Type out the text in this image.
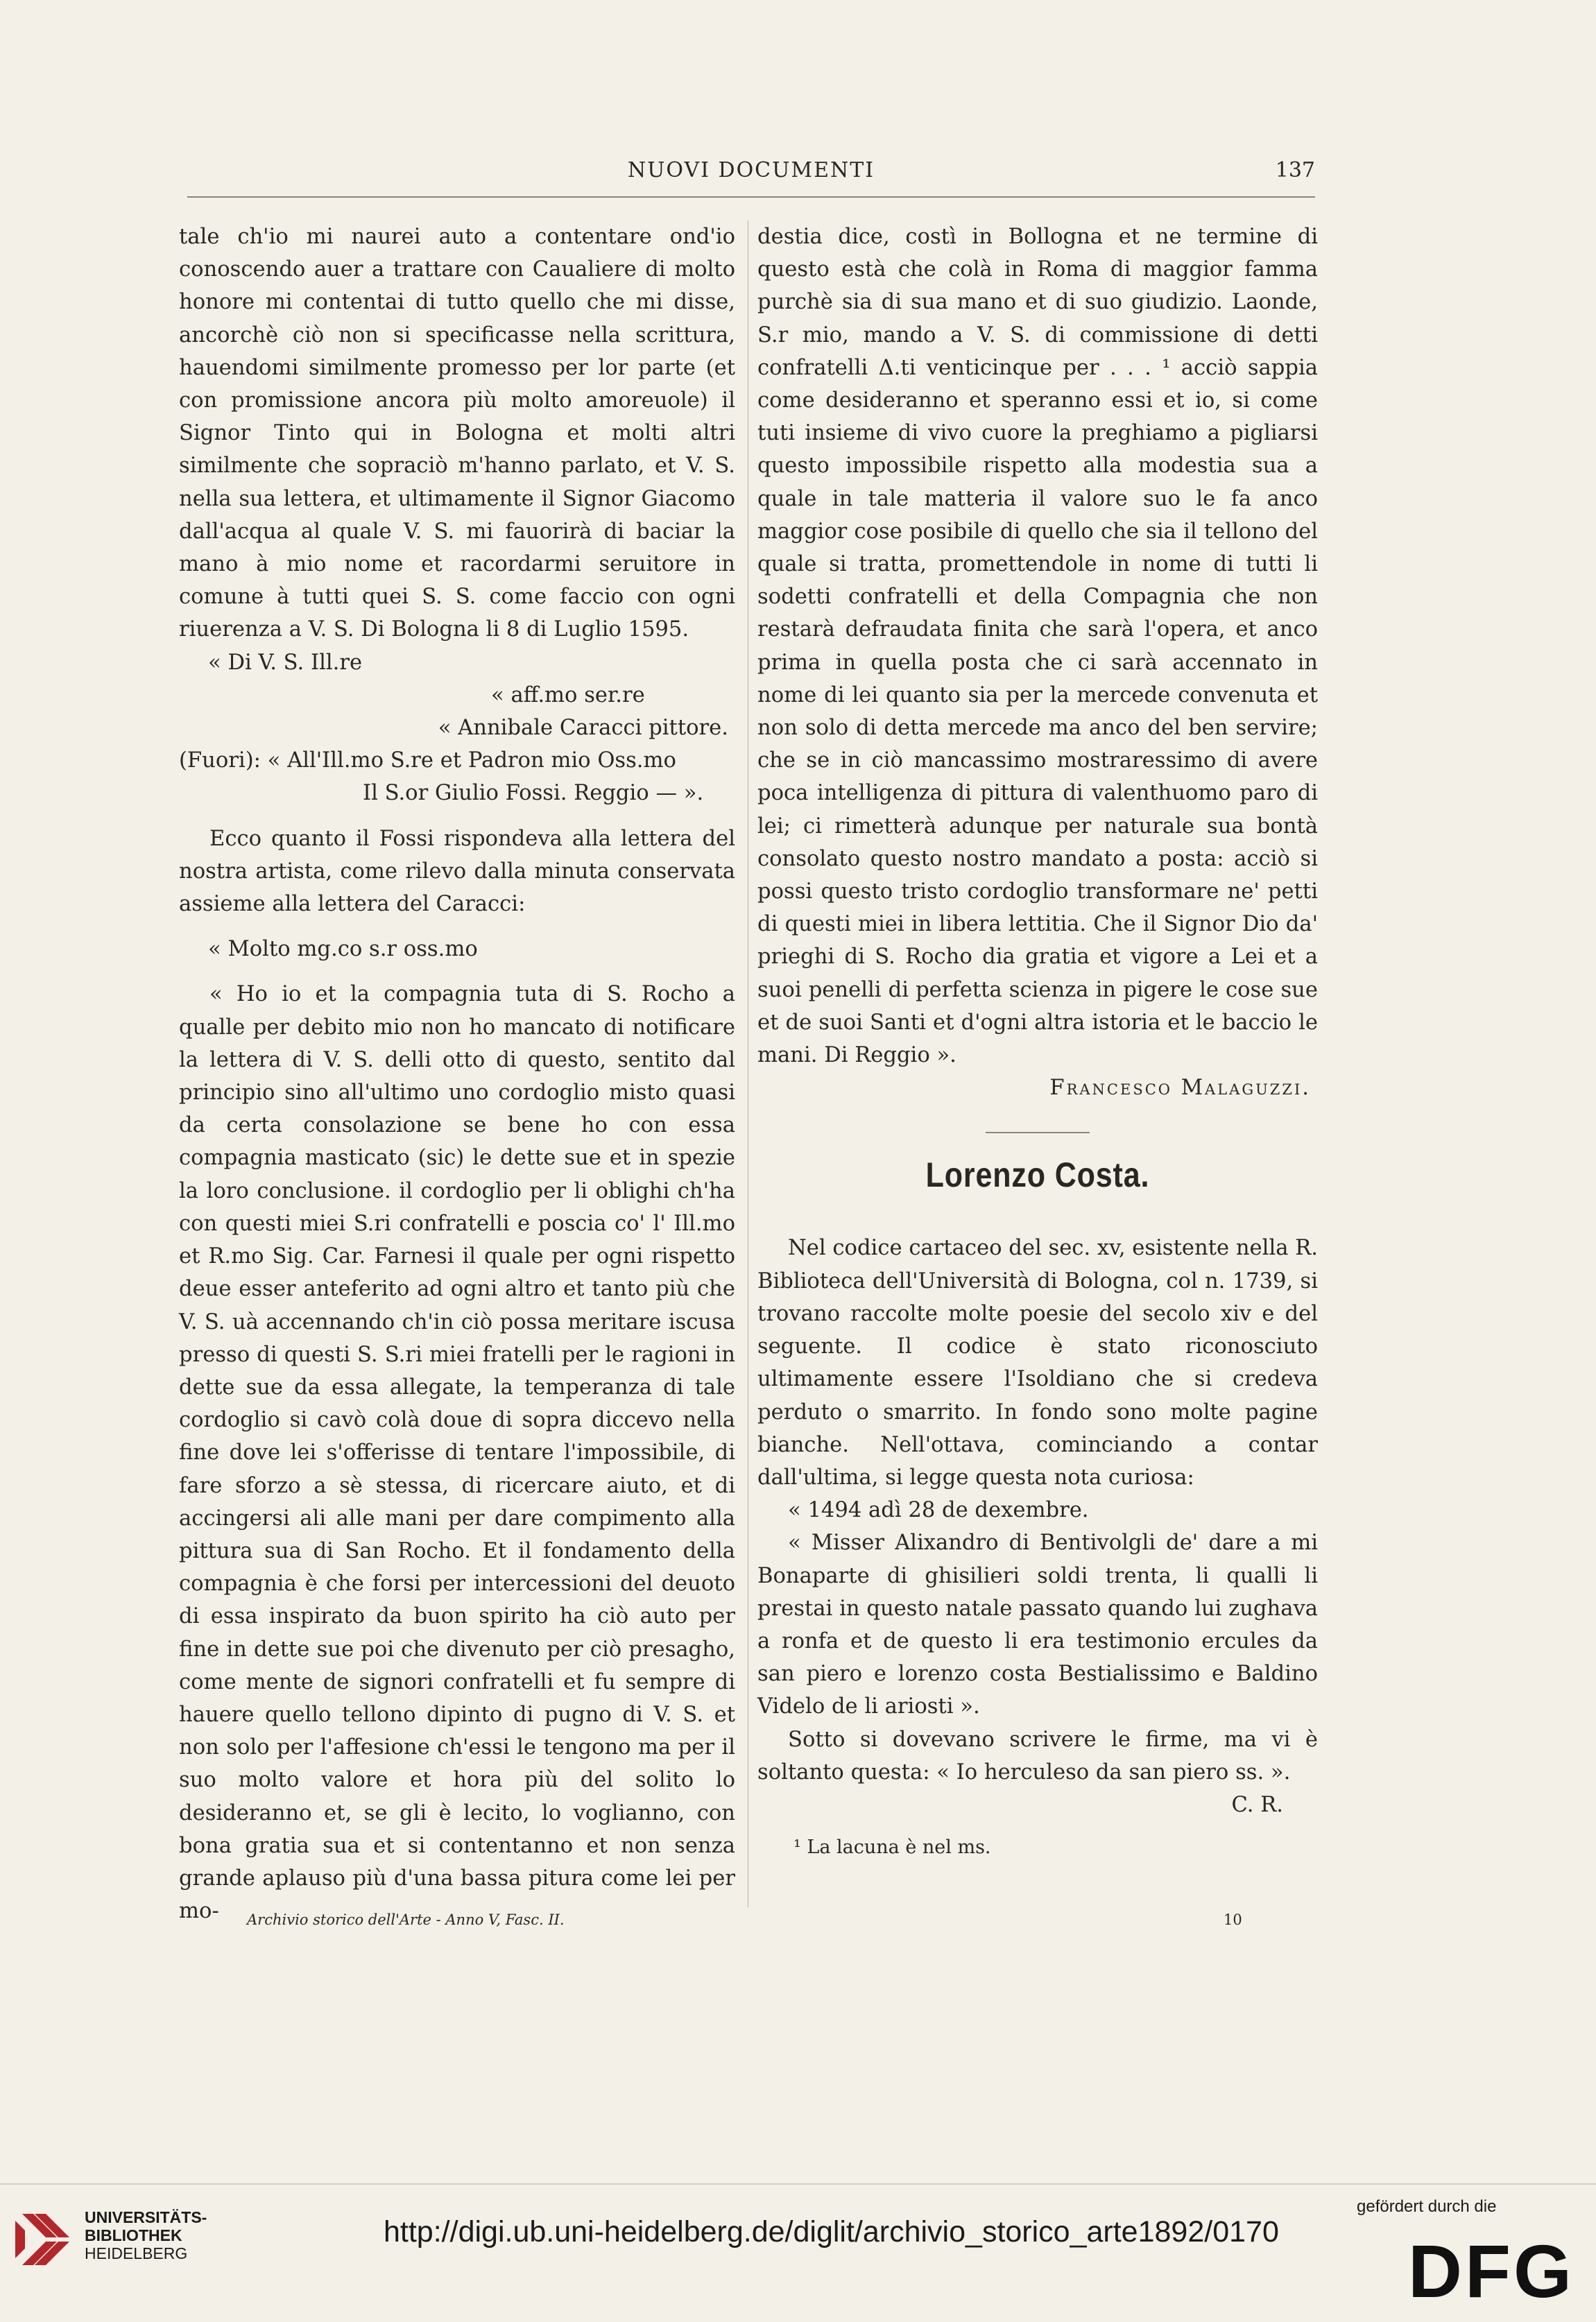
NUOVI DOCUMENTI	137

tale ch'io mi naurei auto a contentare ond'io conoscendo auer a trattare con Caualiere di molto honore mi contentai di tutto quello che mi disse, ancorchè ciò non si specificasse nella scrittura, hauendomi similmente promesso per lor parte (et con promissione ancora più molto amoreuole) il Signor Tinto qui in Bologna et molti altri similmente che sopraciò m'hanno parlato, et V. S. nella sua lettera, et ultimamente il Signor Giacomo dall'acqua al quale V. S. mi fauorirà di baciar la mano à mio nome et racordarmi seruitore in comune à tutti quei S. S. come faccio con ogni riuerenza a V. S. Di Bologna li 8 di Luglio 1595.

« Di V. S. Ill.re

« aff.mo ser.re

« Annibale Caracci pittore.

(Fuori): « All'Ill.mo S.re et Padron mio Oss.mo

Il S.or Giulio Fossi. Reggio — ».

Ecco quanto il Fossi rispondeva alla lettera del nostra artista, come rilevo dalla minuta conservata assieme alla lettera del Caracci:

« Molto mg.co s.r oss.mo

« Ho io et la compagnia tuta di S. Rocho a qualle per debito mio non ho mancato di notificare la lettera di V. S. delli otto di questo, sentito dal principio sino all'ultimo uno cordoglio misto quasi da certa consolazione se bene ho con essa compagnia masticato (sic) le dette sue et in spezie la loro conclusione. il cordoglio per li oblighi ch'ha con questi miei S.ri confratelli e poscia co' l' Ill.mo et R.mo Sig. Car. Farnesi il quale per ogni rispetto deue esser anteferito ad ogni altro et tanto più che V. S. uà accennando ch'in ciò possa meritare iscusa presso di questi S. S.ri miei fratelli per le ragioni in dette sue da essa allegate, la temperanza di tale cordoglio si cavò colà doue di sopra diccevo nella fine dove lei s'offerisse di tentare l'impossibile, di fare sforzo a sè stessa, di ricercare aiuto, et di accingersi ali alle mani per dare compimento alla pittura sua di San Rocho. Et il fondamento della compagnia è che forsi per intercessioni del deuoto di essa inspirato da buon spirito ha ciò auto per fine in dette sue poi che divenuto per ciò presagho, come mente de signori confratelli et fu sempre di hauere quello tellono dipinto di pugno di V. S. et non solo per l'affesione ch'essi le tengono ma per il suo molto valore et hora più del solito lo desideranno et, se gli è lecito, lo voglianno, con bona gratia sua et si contentanno et non senza grande aplauso più d'una bassa pitura come lei per mo-

destia dice, costì in Bollogna et ne termine di questo està che colà in Roma di maggior famma purchè sia di sua mano et di suo giudizio. Laonde, S.r mio, mando a V. S. di commissione di detti confratelli Δ.ti venticinque per . . . ¹ acciò sappia come desideranno et speranno essi et io, si come tuti insieme di vivo cuore la preghiamo a pigliarsi questo impossibile rispetto alla modestia sua a quale in tale matteria il valore suo le fa anco maggior cose posibile di quello che sia il tellono del quale si tratta, promettendole in nome di tutti li sodetti confratelli et della Compagnia che non restarà defraudata finita che sarà l'opera, et anco prima in quella posta che ci sarà accennato in nome di lei quanto sia per la mercede convenuta et non solo di detta mercede ma anco del ben servire; che se in ciò mancassimo mostraressimo di avere poca intelligenza di pittura di valenthuomo paro di lei; ci rimetterà adunque per naturale sua bontà consolato questo nostro mandato a posta: acciò si possi questo tristo cordoglio transformare ne' petti di questi miei in libera lettitia. Che il Signor Dio da' prieghi di S. Rocho dia gratia et vigore a Lei et a suoi penelli di perfetta scienza in pigere le cose sue et de suoi Santi et d'ogni altra istoria et le baccio le mani. Di Reggio ».

Francesco Malaguzzi.

Lorenzo Costa.

Nel codice cartaceo del sec. xv, esistente nella R. Biblioteca dell'Università di Bologna, col n. 1739, si trovano raccolte molte poesie del secolo xiv e del seguente. Il codice è stato riconosciuto ultimamente essere l'Isoldiano che si credeva perduto o smarrito. In fondo sono molte pagine bianche. Nell'ottava, cominciando a contar dall'ultima, si legge questa nota curiosa:

« 1494 adì 28 de dexembre.

« Misser Alixandro di Bentivolgli de' dare a mi Bonaparte di ghisilieri soldi trenta, li qualli li prestai in questo natale passato quando lui zughava a ronfa et de questo li era testimonio ercules da san piero e lorenzo costa Bestialissimo e Baldino Videlo de li ariosti ».

Sotto si dovevano scrivere le firme, ma vi è soltanto questa: « Io herculeso da san piero ss. ».

C. R.

¹ La lacuna è nel ms.

Archivio storico dell'Arte - Anno V, Fasc. II.	10
UNIVERSITÄTS-
BIBLIOTHEK
HEIDELBERG
http://digi.ub.uni-heidelberg.de/diglit/archivio_storico_arte1892/0170
gefördert durch die
DFG
